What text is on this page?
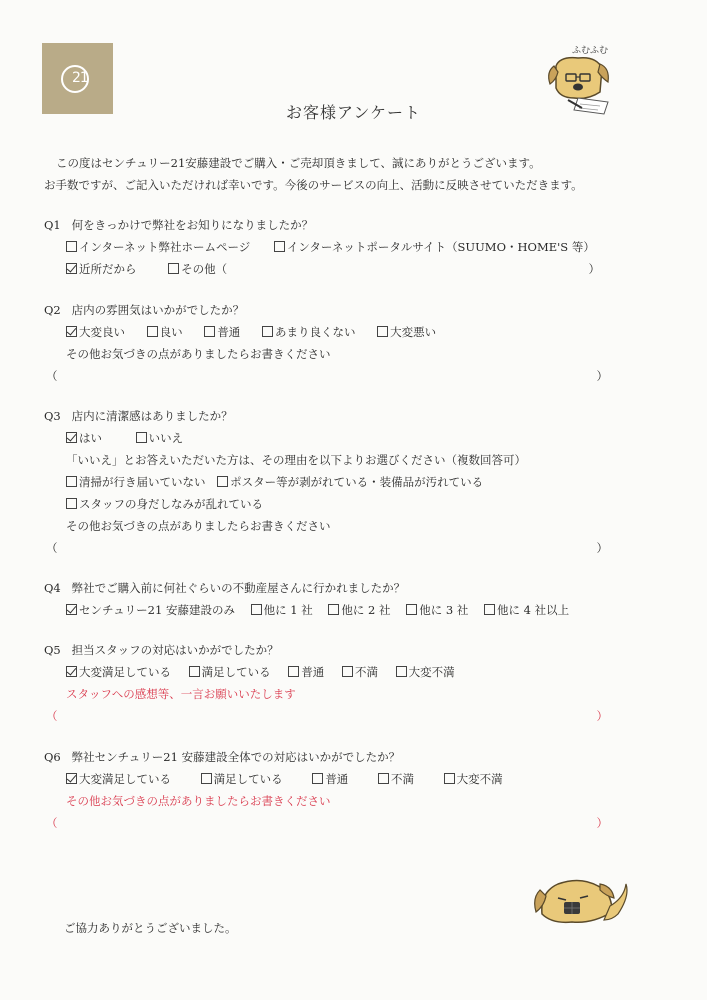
21
ふむふむ
お客様アンケート

この度はセンチュリー21安藤建設でご購入・ご売却頂きまして、誠にありがとうございます。

お手数ですが、ご記入いただければ幸いです。今後のサービスの向上、活動に反映させていただきます。

Q1 何をきっかけで弊社をお知りになりましたか？
インターネット弊社ホームページ	インターネットポータルサイト（SUUMO・HOME'S 等）
近所だから	その他（	）
Q2 店内の雰囲気はいかがでしたか？
大変良い	良い	普通	あまり良くない	大変悪い
その他お気づきの点がありましたらお書きください
（	）
Q3 店内に清潔感はありましたか？
はい	いいえ
「いいえ」とお答えいただいた方は、その理由を以下よりお選びください（複数回答可）
清掃が行き届いていない ポスター等が剥がれている・装備品が汚れている
スタッフの身だしなみが乱れている
その他お気づきの点がありましたらお書きください
（	）
Q4 弊社でご購入前に何社ぐらいの不動産屋さんに行かれましたか？
センチュリー21 安藤建設のみ 他に 1 社 他に 2 社 他に 3 社 他に 4 社以上
Q5 担当スタッフの対応はいかがでしたか？
大変満足している	満足している	普通	不満	大変不満
スタッフへの感想等、一言お願いいたします
（	）
Q6 弊社センチュリー21 安藤建設全体での対応はいかがでしたか？
大変満足している	満足している	普通	不満	大変不満
その他お気づきの点がありましたらお書きください
（	）
ご協力ありがとうございました。
